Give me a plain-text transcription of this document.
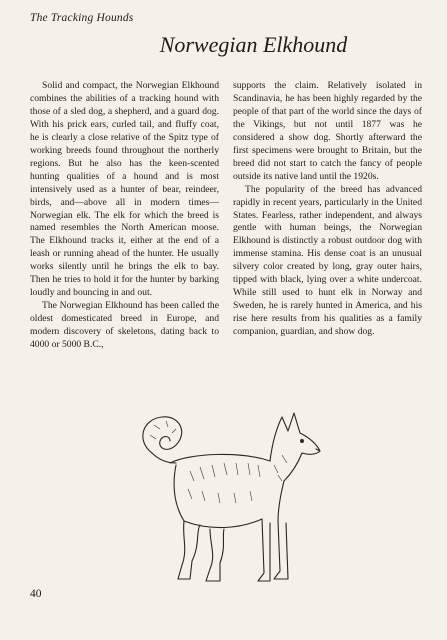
The Tracking Hounds
Norwegian Elkhound

Solid and compact, the Norwegian Elkhound combines the abilities of a tracking hound with those of a sled dog, a shepherd, and a guard dog. With his prick ears, curled tail, and fluffy coat, he is clearly a close relative of the Spitz type of working breeds found throughout the northerly regions. But he also has the keen-scented hunting qualities of a hound and is most intensively used as a hunter of bear, reindeer, birds, and—above all in modern times—Norwegian elk. The elk for which the breed is named resembles the North American moose. The Elkhound tracks it, either at the end of a leash or running ahead of the hunter. He usually works silently until he brings the elk to bay. Then he tries to hold it for the hunter by barking loudly and bouncing in and out.

The Norwegian Elkhound has been called the oldest domesticated breed in Europe, and modern discovery of skeletons, dating back to 4000 or 5000 B.C.,

supports the claim. Relatively isolated in Scandinavia, he has been highly regarded by the people of that part of the world since the days of the Vikings, but not until 1877 was he considered a show dog. Shortly afterward the first specimens were brought to Britain, but the breed did not start to catch the fancy of people outside its native land until the 1920s.

The popularity of the breed has advanced rapidly in recent years, particularly in the United States. Fearless, rather independent, and always gentle with human beings, the Norwegian Elkhound is distinctly a robust outdoor dog with immense stamina. His dense coat is an unusual silvery color created by long, gray outer hairs, tipped with black, lying over a white undercoat. While still used to hunt elk in Norway and Sweden, he is rarely hunted in America, and his rise here results from his qualities as a family companion, guardian, and show dog.

40
